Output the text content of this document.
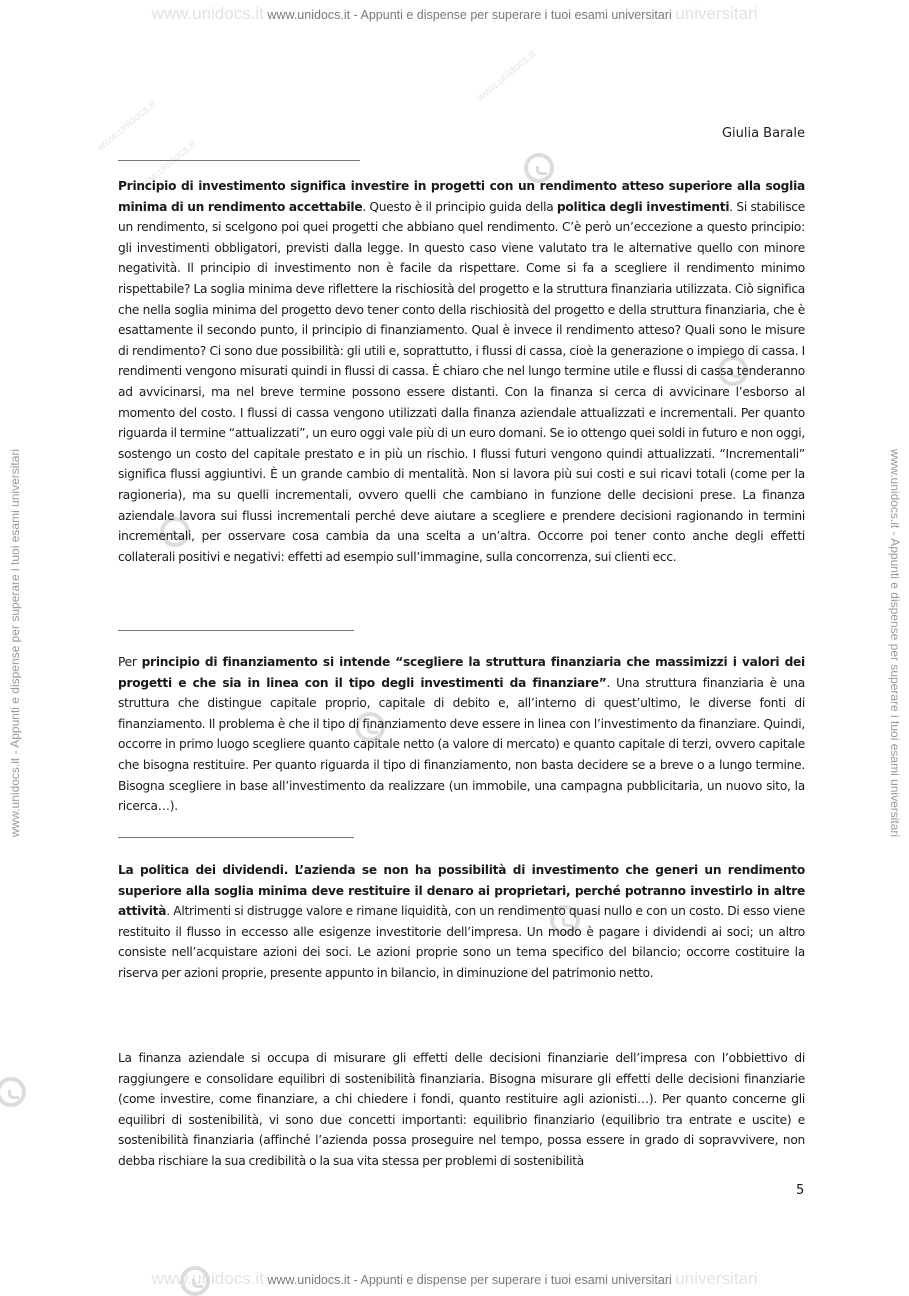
www.unidocs.it www.unidocs.it - Appunti e dispense per superare i tuoi esami universitari universitari
www.unidocs.it www.unidocs.it - Appunti e dispense per superare i tuoi esami universitari universitari
www.unidocs.it - Appunti e dispense per superare i tuoi esami universitari	www.unidocs.it - Appunti e dispense per superare i tuoi esami universitari
www.unidocs.it
www.unidocs.it
www.unidocs.it
Giulia Barale

Principio di investimento significa investire in progetti con un rendimento atteso superiore alla soglia minima di un rendimento accettabile. Questo è il principio guida della politica degli investimenti. Si stabilisce un rendimento, si scelgono poi quei progetti che abbiano quel rendimento. C’è però un’eccezione a questo principio: gli investimenti obbligatori, previsti dalla legge. In questo caso viene valutato tra le alternative quello con minore negatività. Il principio di investimento non è facile da rispettare. Come si fa a scegliere il rendimento minimo rispettabile? La soglia minima deve riflettere la rischiosità del progetto e la struttura finanziaria utilizzata. Ciò significa che nella soglia minima del progetto devo tener conto della rischiosità del progetto e della struttura finanziaria, che è esattamente il secondo punto, il principio di finanziamento. Qual è invece il rendimento atteso? Quali sono le misure di rendimento? Ci sono due possibilità: gli utili e, soprattutto, i flussi di cassa, cioè la generazione o impiego di cassa. I rendimenti vengono misurati quindi in flussi di cassa. È chiaro che nel lungo termine utile e flussi di cassa tenderanno ad avvicinarsi, ma nel breve termine possono essere distanti. Con la finanza si cerca di avvicinare l’esborso al momento del costo. I flussi di cassa vengono utilizzati dalla finanza aziendale attualizzati e incrementali. Per quanto riguarda il termine “attualizzati”, un euro oggi vale più di un euro domani. Se io ottengo quei soldi in futuro e non oggi, sostengo un costo del capitale prestato e in più un rischio. I flussi futuri vengono quindi attualizzati. “Incrementali” significa flussi aggiuntivi. È un grande cambio di mentalità. Non si lavora più sui costi e sui ricavi totali (come per la ragioneria), ma su quelli incrementali, ovvero quelli che cambiano in funzione delle decisioni prese. La finanza aziendale lavora sui flussi incrementali perché deve aiutare a scegliere e prendere decisioni ragionando in termini incrementali, per osservare cosa cambia da una scelta a un’altra. Occorre poi tener conto anche degli effetti collaterali positivi e negativi: effetti ad esempio sull’immagine, sulla concorrenza, sui clienti ecc.

Per principio di finanziamento si intende “scegliere la struttura finanziaria che massimizzi i valori dei progetti e che sia in linea con il tipo degli investimenti da finanziare”. Una struttura finanziaria è una struttura che distingue capitale proprio, capitale di debito e, all’interno di quest’ultimo, le diverse fonti di finanziamento. Il problema è che il tipo di finanziamento deve essere in linea con l’investimento da finanziare. Quindi, occorre in primo luogo scegliere quanto capitale netto (a valore di mercato) e quanto capitale di terzi, ovvero capitale che bisogna restituire. Per quanto riguarda il tipo di finanziamento, non basta decidere se a breve o a lungo termine. Bisogna scegliere in base all’investimento da realizzare (un immobile, una campagna pubblicitaria, un nuovo sito, la ricerca…).

La politica dei dividendi. L’azienda se non ha possibilità di investimento che generi un rendimento superiore alla soglia minima deve restituire il denaro ai proprietari, perché potranno investirlo in altre attività. Altrimenti si distrugge valore e rimane liquidità, con un rendimento quasi nullo e con un costo. Di esso viene restituito il flusso in eccesso alle esigenze investitorie dell’impresa. Un modo è pagare i dividendi ai soci; un altro consiste nell’acquistare azioni dei soci. Le azioni proprie sono un tema specifico del bilancio; occorre costituire la riserva per azioni proprie, presente appunto in bilancio, in diminuzione del patrimonio netto.

La finanza aziendale si occupa di misurare gli effetti delle decisioni finanziarie dell’impresa con l’obbiettivo di raggiungere e consolidare equilibri di sostenibilità finanziaria. Bisogna misurare gli effetti delle decisioni finanziarie (come investire, come finanziare, a chi chiedere i fondi, quanto restituire agli azionisti…). Per quanto concerne gli equilibri di sostenibilità, vi sono due concetti importanti: equilibrio finanziario (equilibrio tra entrate e uscite) e sostenibilità finanziaria (affinché l’azienda possa proseguire nel tempo, possa essere in grado di sopravvivere, non debba rischiare la sua credibilità o la sua vita stessa per problemi di sostenibilità

5
